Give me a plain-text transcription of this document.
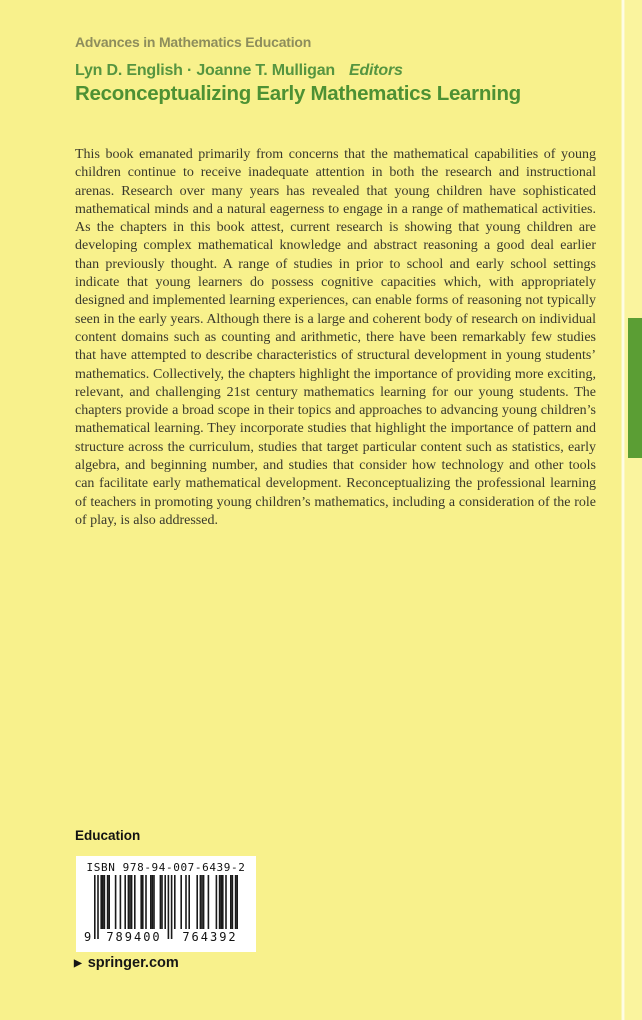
Advances in Mathematics Education
Lyn D. English · Joanne T. Mulligan Editors
Reconceptualizing Early Mathematics Learning

This book emanated primarily from concerns that the mathematical capabilities of young children continue to receive inadequate attention in both the research and instructional arenas. Research over many years has revealed that young children have sophisticated mathematical minds and a natural eagerness to engage in a range of mathematical activities. As the chapters in this book attest, current research is showing that young children are developing complex mathematical knowledge and abstract reasoning a good deal earlier than previously thought. A range of studies in prior to school and early school settings indicate that young learners do possess cognitive capacities which, with appropriately designed and implemented learning experiences, can enable forms of reasoning not typically seen in the early years. Although there is a large and coherent body of research on individual content domains such as counting and arithmetic, there have been remarkably few studies that have attempted to describe characteristics of structural development in young students’ mathematics. Collectively, the chapters highlight the importance of providing more exciting, relevant, and challenging 21st century mathematics learning for our young students. The chapters provide a broad scope in their topics and approaches to advancing young children’s mathematical learning. They incorporate studies that highlight the importance of pattern and structure across the curriculum, studies that target particular content such as statistics, early algebra, and beginning number, and studies that consider how technology and other tools can facilitate early mathematical development. Reconceptualizing the professional learning of teachers in promoting young children’s mathematics, including a consideration of the role of play, is also addressed.

Education
ISBN 978-94-007-6439-2
9 789400 764392
▶ springer.com
